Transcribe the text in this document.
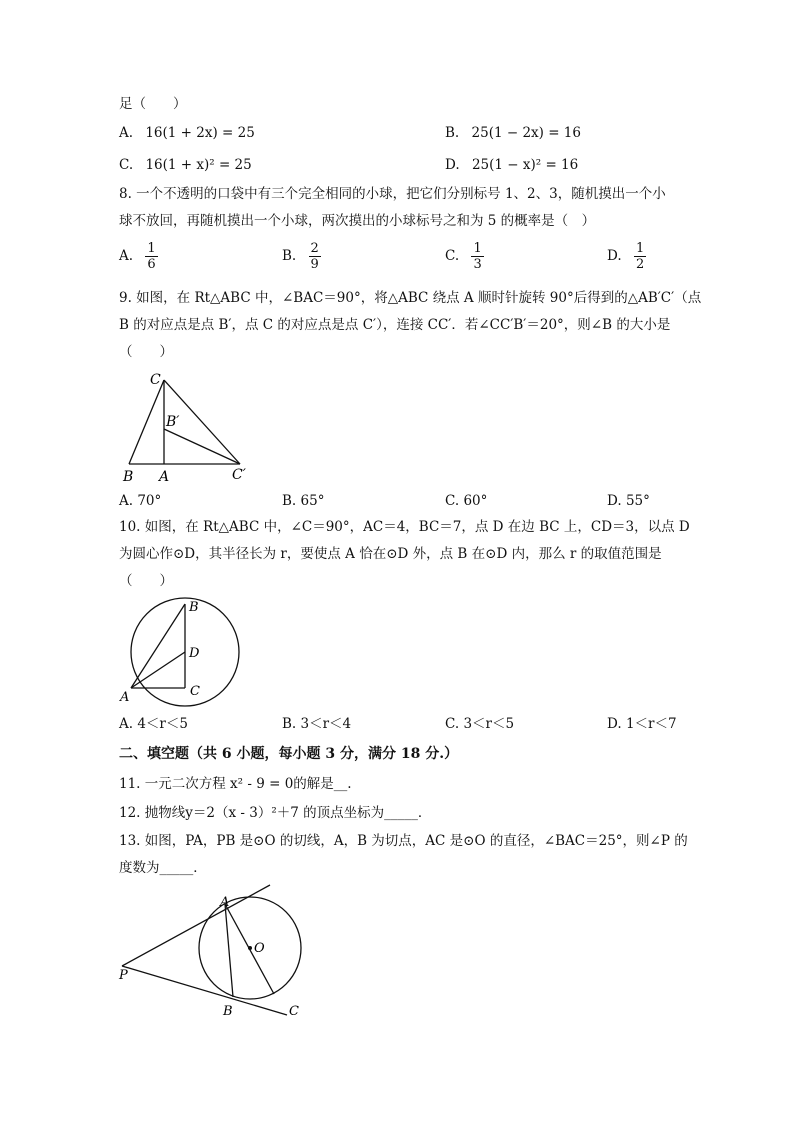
足（　　）
A. 16(1 + 2x) = 25	B. 25(1 − 2x) = 16
C. 16(1 + x)² = 25	D. 25(1 − x)² = 16
8. 一个不透明的口袋中有三个完全相同的小球，把它们分别标号 1、2、3，随机摸出一个小
球不放回，再随机摸出一个小球，两次摸出的小球标号之和为 5 的概率是（　）
A. $\frac{1}{6}$	B. $\frac{2}{9}$	C. $\frac{1}{3}$	D. $\frac{1}{2}$
9. 如图，在 Rt△ABC 中，∠BAC＝90°，将△ABC 绕点 A 顺时针旋转 90°后得到的△AB′C′（点
B 的对应点是点 B′，点 C 的对应点是点 C′），连接 CC′．若∠CC′B′＝20°，则∠B 的大小是
（　　）
C
B′
B A	C′
A. 70°	B. 65°	C. 60°	D. 55°
10. 如图，在 Rt△ABC 中，∠C＝90°，AC＝4，BC＝7，点 D 在边 BC 上，CD＝3，以点 D
为圆心作⊙D，其半径长为 r，要使点 A 恰在⊙D 外，点 B 在⊙D 内，那么 r 的取值范围是
（　　）
B
D
A	C
A. 4＜r＜5	B. 3＜r＜4	C. 3＜r＜5	D. 1＜r＜7
二、填空题（共 6 小题，每小题 3 分，满分 18 分.）
11. 一元二次方程 x² - 9 = 0的解是__.
12. 抛物线y＝2（x - 3）²＋7 的顶点坐标为_____．
13. 如图，PA，PB 是⊙O 的切线，A，B 为切点，AC 是⊙O 的直径，∠BAC＝25°，则∠P 的
度数为_____．
A
O
P
B	C
